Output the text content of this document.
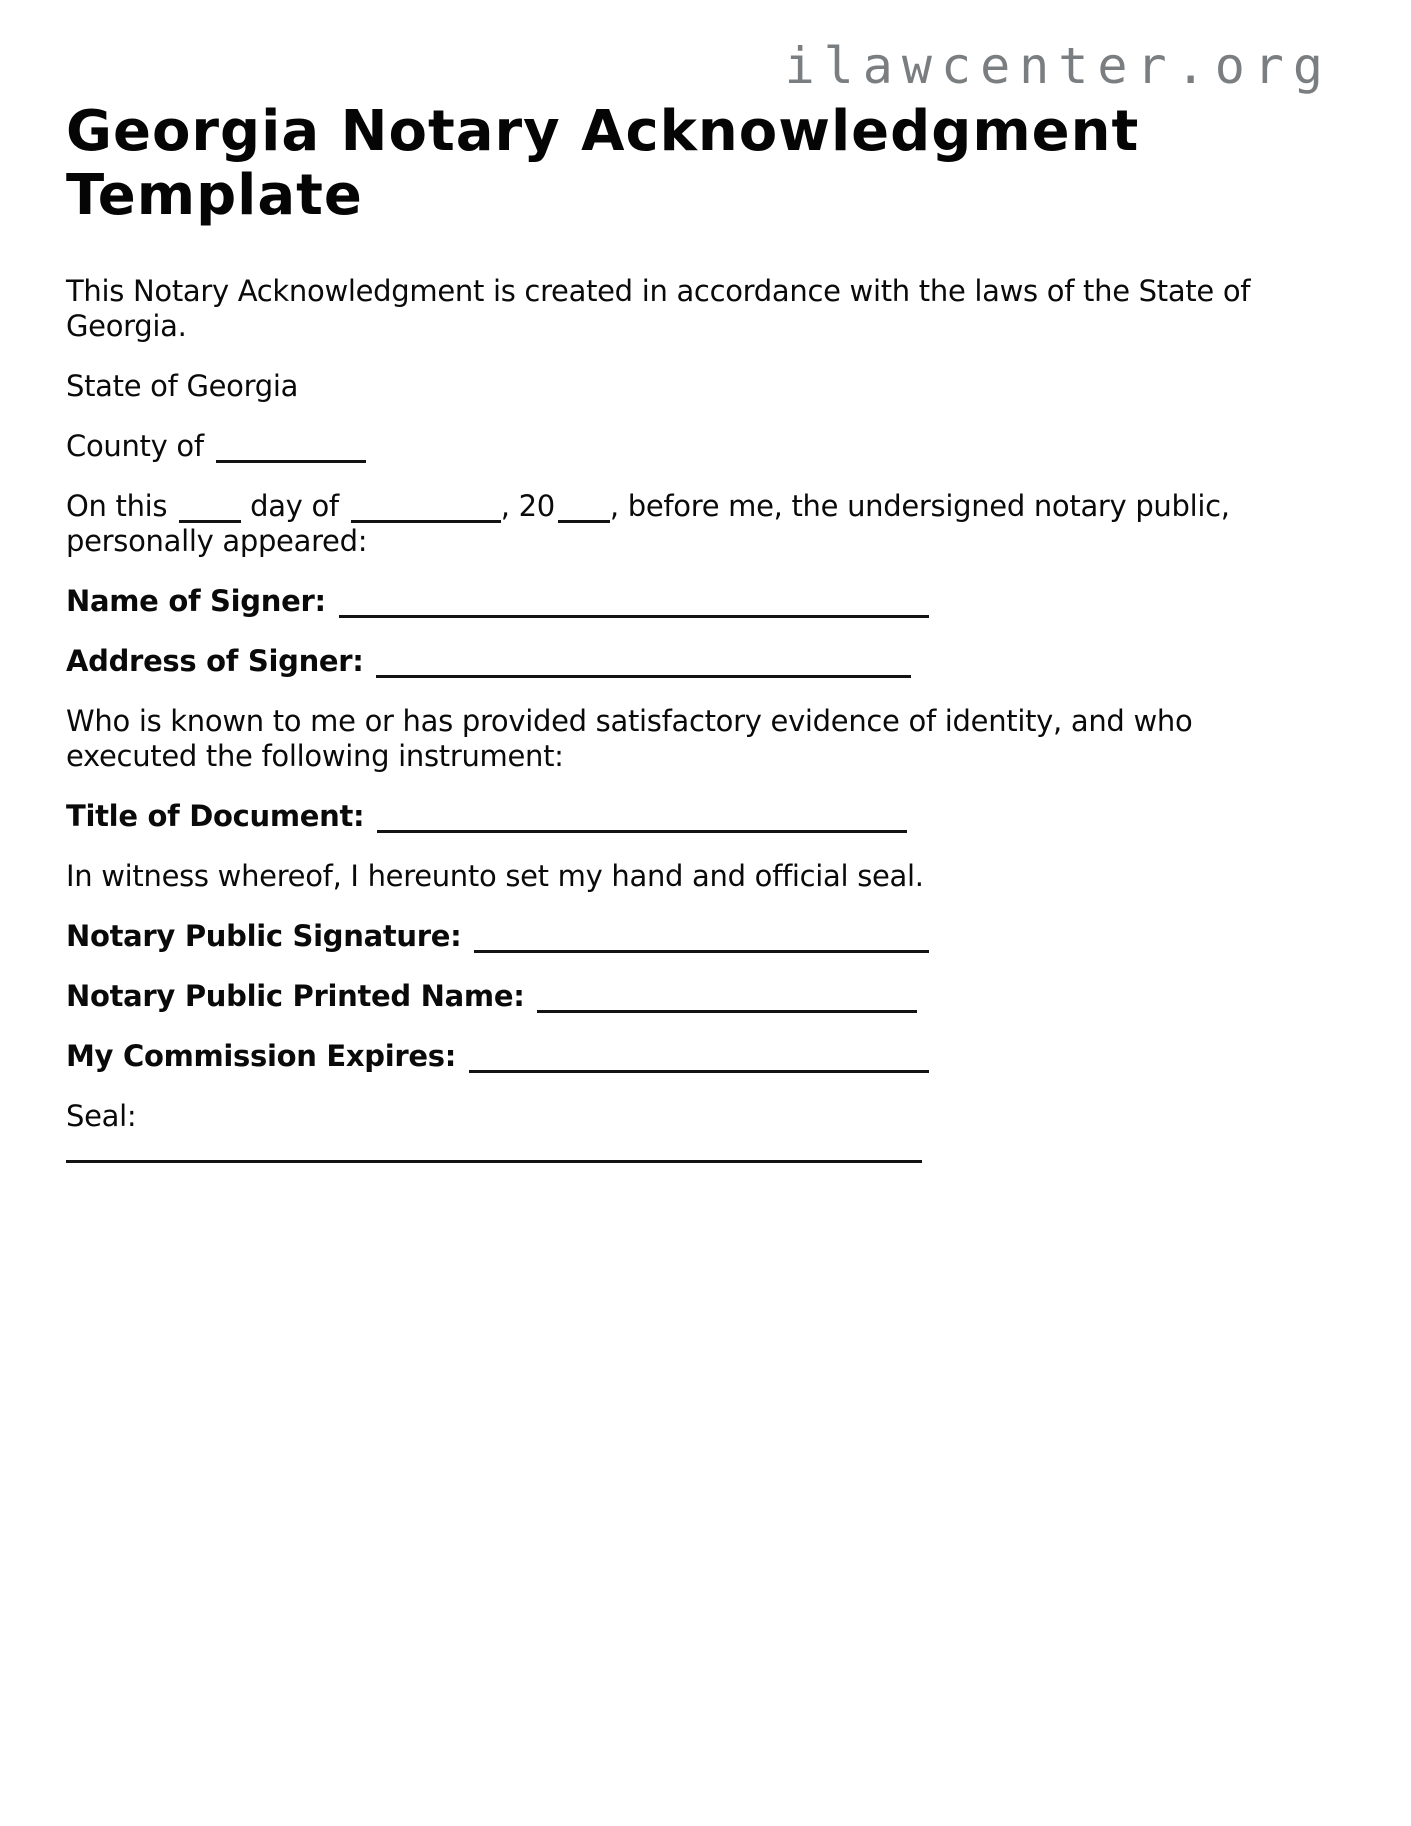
ilawcenter.org
Georgia Notary Acknowledgment Template

This Notary Acknowledgment is created in accordance with the laws of the State of Georgia.

State of Georgia

County of

On this  day of	, 20 , before me, the undersigned notary public, personally appeared:

Name of Signer:

Address of Signer:

Who is known to me or has provided satisfactory evidence of identity, and who executed the following instrument:

Title of Document:

In witness whereof, I hereunto set my hand and official seal.

Notary Public Signature:

Notary Public Printed Name:

My Commission Expires:

Seal:
